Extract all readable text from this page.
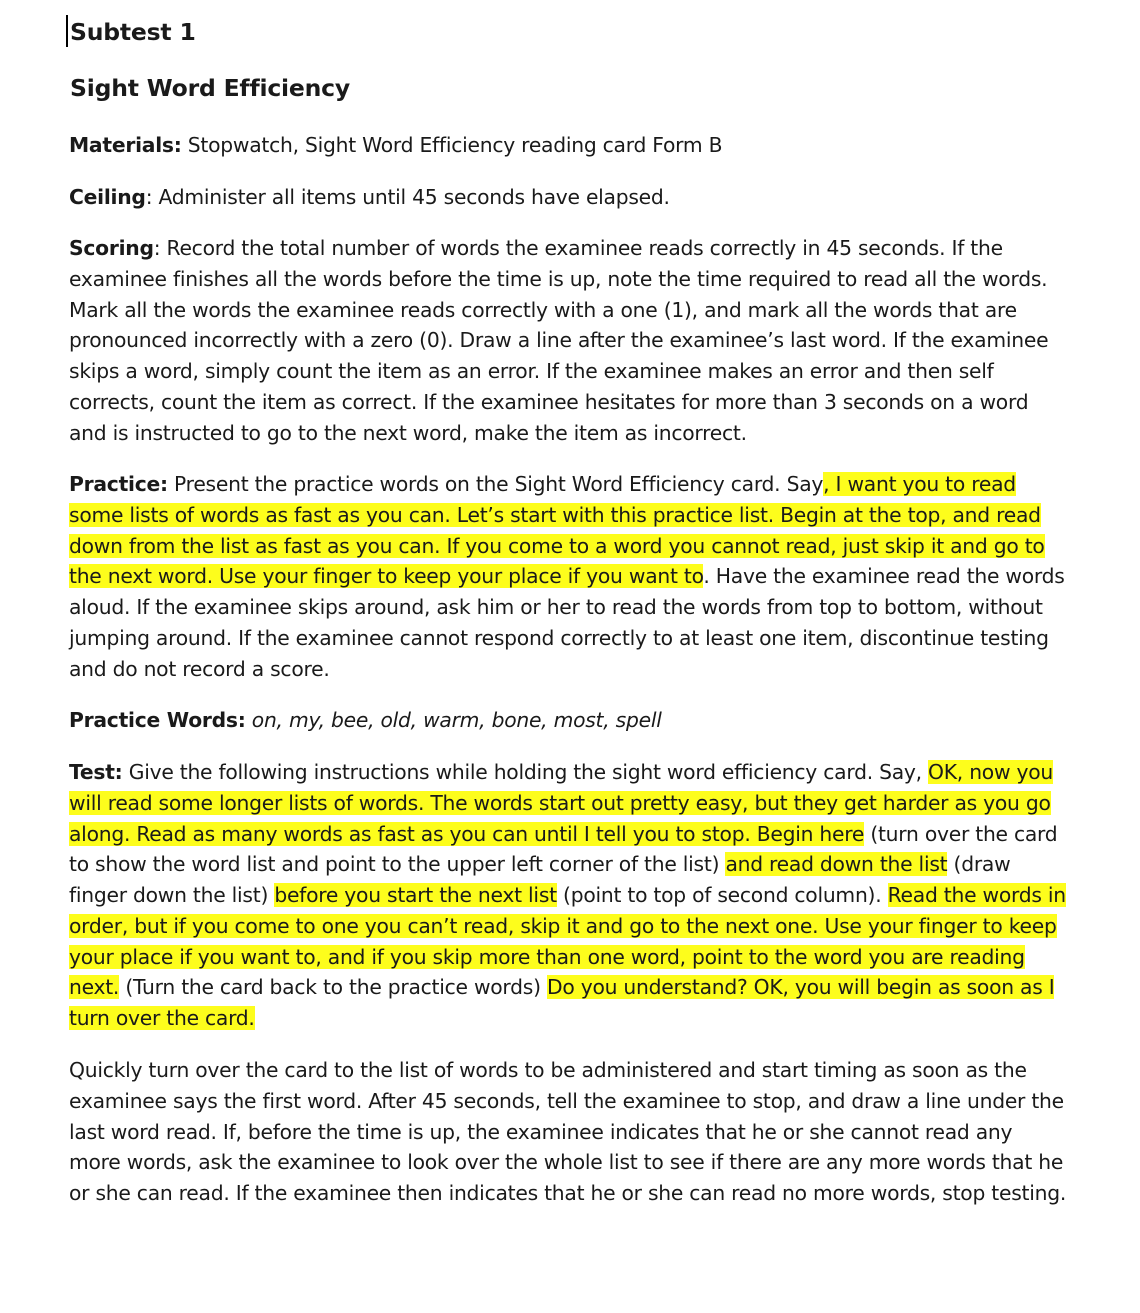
Subtest 1
Sight Word Efficiency

Materials: Stopwatch, Sight Word Efficiency reading card Form B

Ceiling: Administer all items until 45 seconds have elapsed.

Scoring: Record the total number of words the examinee reads correctly in 45 seconds. If the examinee finishes all the words before the time is up, note the time required to read all the words. Mark all the words the examinee reads correctly with a one (1), and mark all the words that are pronounced incorrectly with a zero (0). Draw a line after the examinee’s last word. If the examinee skips a word, simply count the item as an error. If the examinee makes an error and then self corrects, count the item as correct. If the examinee hesitates for more than 3 seconds on a word and is instructed to go to the next word, make the item as incorrect.

Practice: Present the practice words on the Sight Word Efficiency card. Say, I want you to read some lists of words as fast as you can. Let’s start with this practice list. Begin at the top, and read down from the list as fast as you can. If you come to a word you cannot read, just skip it and go to the next word. Use your finger to keep your place if you want to. Have the examinee read the words aloud. If the examinee skips around, ask him or her to read the words from top to bottom, without jumping around. If the examinee cannot respond correctly to at least one item, discontinue testing and do not record a score.

Practice Words: on, my, bee, old, warm, bone, most, spell

Test: Give the following instructions while holding the sight word efficiency card. Say, OK, now you will read some longer lists of words. The words start out pretty easy, but they get harder as you go along. Read as many words as fast as you can until I tell you to stop. Begin here (turn over the card to show the word list and point to the upper left corner of the list) and read down the list (draw finger down the list) before you start the next list (point to top of second column). Read the words in order, but if you come to one you can’t read, skip it and go to the next one. Use your finger to keep your place if you want to, and if you skip more than one word, point to the word you are reading next. (Turn the card back to the practice words) Do you understand? OK, you will begin as soon as I turn over the card.

Quickly turn over the card to the list of words to be administered and start timing as soon as the examinee says the first word. After 45 seconds, tell the examinee to stop, and draw a line under the last word read. If, before the time is up, the examinee indicates that he or she cannot read any more words, ask the examinee to look over the whole list to see if there are any more words that he or she can read. If the examinee then indicates that he or she can read no more words, stop testing.
